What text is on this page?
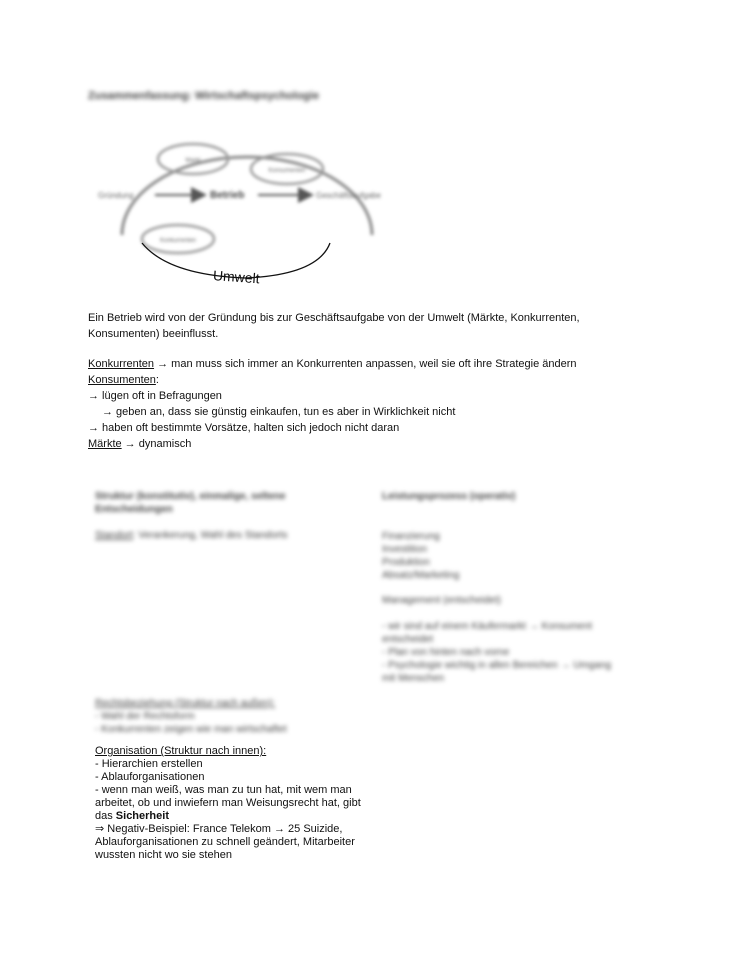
Zusammenfassung: Wirtschaftspsychologie
Markt
Konsumenten
Konkurrenten
Gründung	Betrieb	Geschäftsaufgabe
Umwelt
Ein Betrieb wird von der Gründung bis zur Geschäftsaufgabe von der Umwelt (Märkte, Konkurrenten,
Konsumenten) beeinflusst.
Konkurrenten → man muss sich immer an Konkurrenten anpassen, weil sie oft ihre Strategie ändern
Konsumenten:
→ lügen oft in Befragungen
→ geben an, dass sie günstig einkaufen, tun es aber in Wirklichkeit nicht
→ haben oft bestimmte Vorsätze, halten sich jedoch nicht daran
Märkte → dynamisch
Struktur (konstitutiv), einmalige, seltene
Entscheidungen
Standort: Verankerung, Wahl des Standorts
Rechtsbeziehung (Struktur nach außen):
- Wahl der Rechtsform
- Konkurrenten zeigen wie man wirtschaftet
Leistungsprozess (operativ)
Finanzierung
Investition
Produktion
Absatz/Marketing
Management (entscheidet)
- wir sind auf einem Käufermarkt → Konsument
entscheidet
- Plan von hinten nach vorne
- Psychologie wichtig in allen Bereichen → Umgang
mit Menschen
Organisation (Struktur nach innen):
- Hierarchien erstellen
- Ablauforganisationen
- wenn man weiß, was man zu tun hat, mit wem man
arbeitet, ob und inwiefern man Weisungsrecht hat, gibt
das Sicherheit
⇒ Negativ-Beispiel: France Telekom → 25 Suizide,
Ablauforganisationen zu schnell geändert, Mitarbeiter
wussten nicht wo sie stehen
